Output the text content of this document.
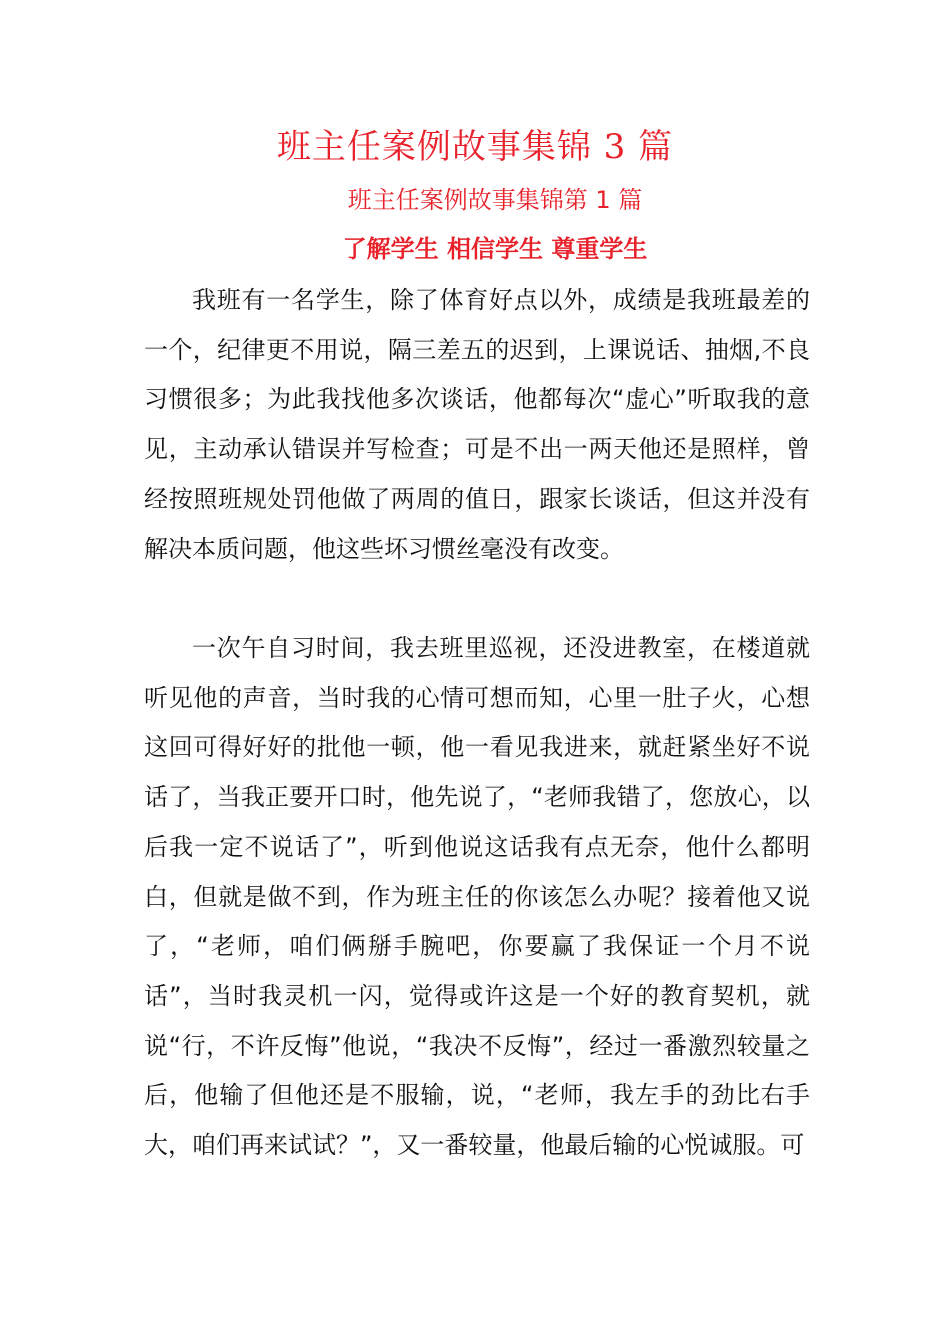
班主任案例故事集锦 3 篇
班主任案例故事集锦第 1 篇
了解学生 相信学生 尊重学生

我班有一名学生，除了体育好点以外，成绩是我班最差的一个，纪律更不用说，隔三差五的迟到，上课说话、抽烟,不良习惯很多；为此我找他多次谈话，他都每次“虚心”听取我的意见，主动承认错误并写检查；可是不出一两天他还是照样，曾经按照班规处罚他做了两周的值日，跟家长谈话，但这并没有解决本质问题，他这些坏习惯丝毫没有改变。

一次午自习时间，我去班里巡视，还没进教室，在楼道就听见他的声音，当时我的心情可想而知，心里一肚子火，心想这回可得好好的批他一顿，他一看见我进来，就赶紧坐好不说话了，当我正要开口时，他先说了，“老师我错了，您放心，以后我一定不说话了”，听到他说这话我有点无奈，他什么都明白，但就是做不到，作为班主任的你该怎么办呢？接着他又说了，“老师，咱们俩掰手腕吧，你要赢了我保证一个月不说话”，当时我灵机一闪，觉得或许这是一个好的教育契机，就说“行，不许反悔”他说，“我决不反悔”，经过一番激烈较量之后，他输了但他还是不服输，说，“老师，我左手的劲比右手大，咱们再来试试？”，又一番较量，他最后输的心悦诚服。可
